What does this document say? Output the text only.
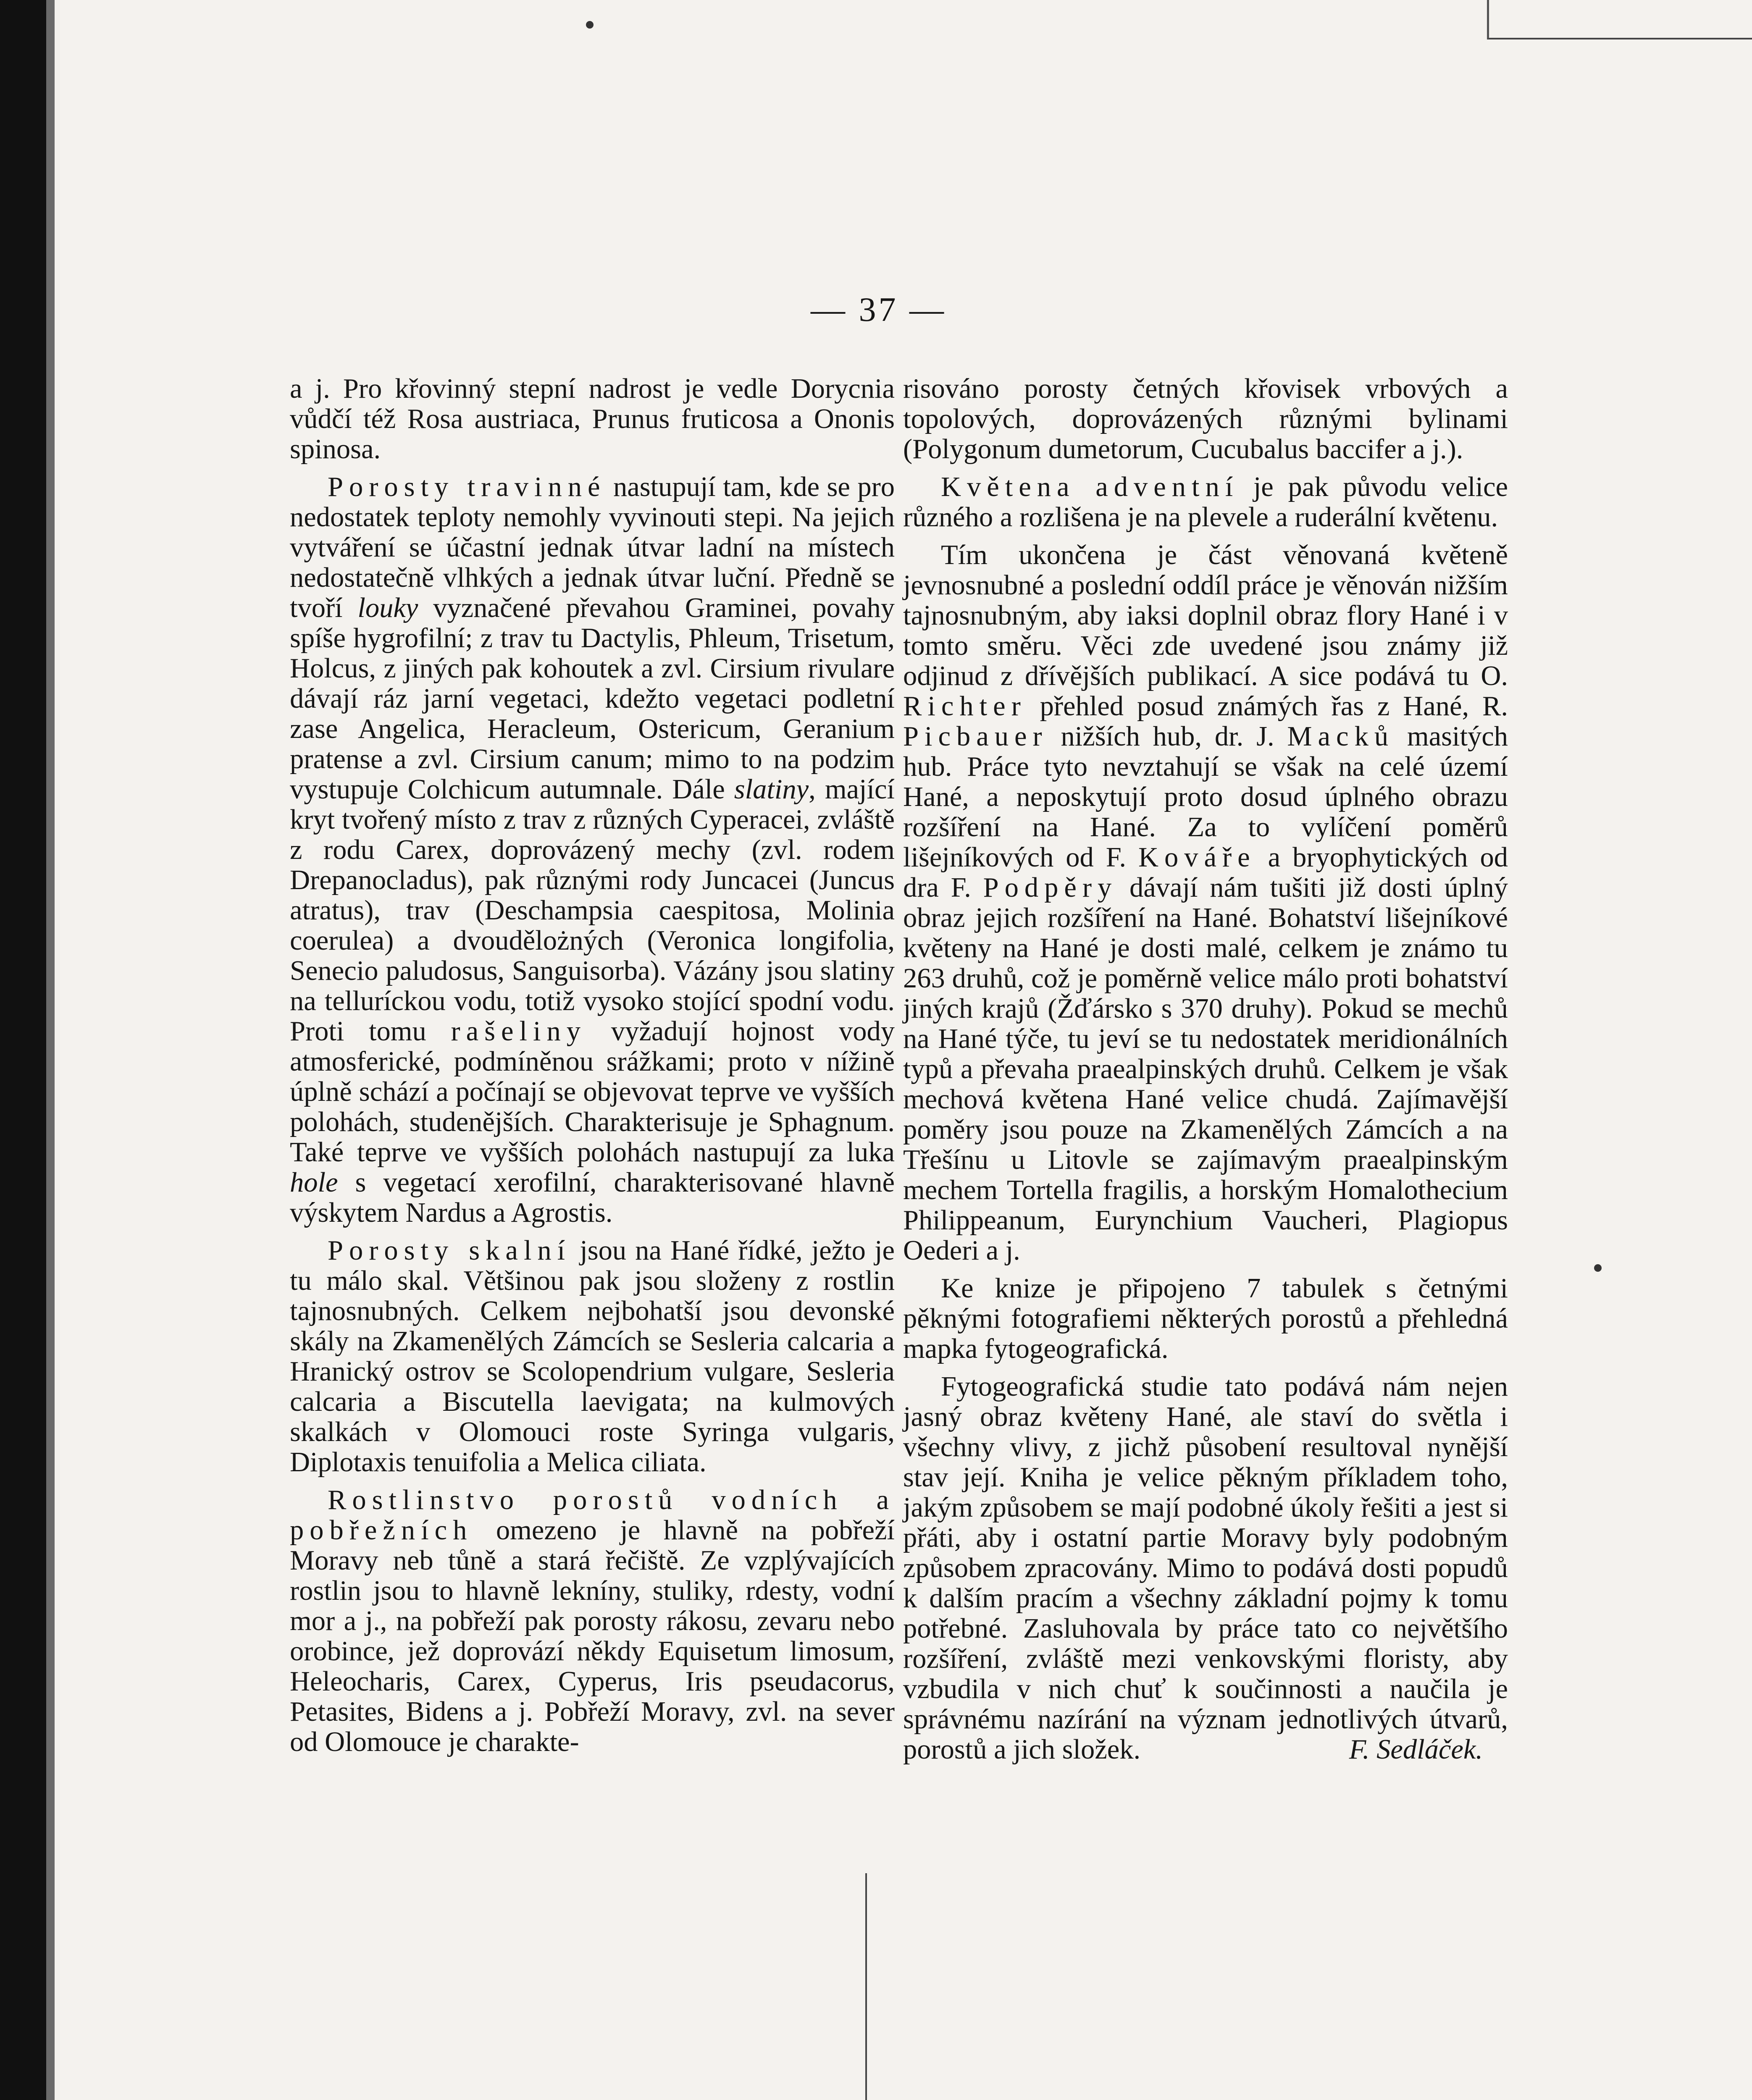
— 37 —

a j. Pro křovinný stepní nadrost je vedle Dorycnia vůdčí též Rosa austriaca, Prunus fruticosa a Ononis spinosa.

Porosty travinné nastupují tam, kde se pro nedostatek teploty nemohly vyvinouti stepi. Na jejich vytváření se účastní jednak útvar ladní na místech nedostatečně vlhkých a jednak útvar luční. Předně se tvoří louky vyznačené převahou Graminei, povahy spíše hygrofilní; z trav tu Dactylis, Phleum, Trisetum, Holcus, z jiných pak kohoutek a zvl. Cirsium rivulare dávají ráz jarní vegetaci, kdežto vegetaci podletní zase Angelica, Heracleum, Ostericum, Geranium pratense a zvl. Cirsium canum; mimo to na podzim vystupuje Colchicum autumnale. Dále slatiny, mající kryt tvořený místo z trav z různých Cyperacei, zvláště z rodu Carex, doprovázený mechy (zvl. rodem Drepanocladus), pak různými rody Juncacei (Juncus atratus), trav (Deschampsia caespitosa, Molinia coerulea) a dvoudělożných (Veronica longifolia, Senecio paludosus, Sanguisorba). Vázány jsou slatiny na telluríckou vodu, totiž vysoko stojící spodní vodu. Proti tomu rašeliny vyžadují hojnost vody atmosferické, podmíněnou srážkami; proto v nížině úplně schází a počínají se objevovat teprve ve vyšších polohách, studenějších. Charakterisuje je Sphagnum. Také teprve ve vyšších polohách nastupují za luka hole s vegetací xerofilní, charakterisované hlavně výskytem Nardus a Agrostis.

Porosty skalní jsou na Hané řídké, ježto je tu málo skal. Většinou pak jsou složeny z rostlin tajnosnubných. Celkem nejbohatší jsou devonské skály na Zkamenělých Zámcích se Sesleria calcaria a Hranický ostrov se Scolopendrium vulgare, Sesleria calcaria a Biscutella laevigata; na kulmových skalkách v Olomouci roste Syringa vulgaris, Diplotaxis tenuifolia a Melica ciliata.

Rostlinstvo porostů vodních a pobřežních omezeno je hlavně na pobřeží Moravy neb tůně a stará řečiště. Ze vzplývajících rostlin jsou to hlavně lekníny, stuliky, rdesty, vodní mor a j., na pobřeží pak porosty rákosu, zevaru nebo orobince, jež doprovází někdy Equisetum limosum, Heleocharis, Carex, Cyperus, Iris pseudacorus, Petasites, Bidens a j. Pobřeží Moravy, zvl. na sever od Olomouce je charakte-

risováno porosty četných křovisek vrbových a topolových, doprovázených různými bylinami (Polygonum dumetorum, Cucubalus baccifer a j.).

Květena adventní je pak původu velice různého a rozlišena je na plevele a ruderální květenu.

Tím ukončena je část věnovaná květeně jevnosnubné a poslední oddíl práce je věnován nižším tajnosnubným, aby iaksi doplnil obraz flory Hané i v tomto směru. Věci zde uvedené jsou známy již odjinud z dřívějších publikací. A sice podává tu O. Richter přehled posud známých řas z Hané, R. Picbauer nižších hub, dr. J. Macků masitých hub. Práce tyto nevztahují se však na celé území Hané, a neposkytují proto dosud úplného obrazu rozšíření na Hané. Za to vylíčení poměrů lišejníkových od F. Kováře a bryophytických od dra F. Podpěry dávají nám tušiti již dosti úplný obraz jejich rozšíření na Hané. Bohatství lišejníkové květeny na Hané je dosti malé, celkem je známo tu 263 druhů, což je poměrně velice málo proti bohatství jiných krajů (Žďársko s 370 druhy). Pokud se mechů na Hané týče, tu jeví se tu nedostatek meridionálních typů a převaha praealpinských druhů. Celkem je však mechová květena Hané velice chudá. Zajímavější poměry jsou pouze na Zkamenělých Zámcích a na Třešínu u Litovle se zajímavým praealpinským mechem Tortella fragilis, a horským Homalothecium Philippeanum, Eurynchium Vaucheri, Plagiopus Oederi a j.

Ke knize je připojeno 7 tabulek s četnými pěknými fotografiemi některých porostů a přehledná mapka fytogeografická.

Fytogeografická studie tato podává nám nejen jasný obraz květeny Hané, ale staví do světla i všechny vlivy, z jichž působení resultoval nynější stav její. Kniha je velice pěkným příkladem toho, jakým způsobem se mají podobné úkoly řešiti a jest si přáti, aby i ostatní partie Moravy byly podobným způsobem zpracovány. Mimo to podává dosti popudů k dalším pracím a všechny základní pojmy k tomu potřebné. Zasluhovala by práce tato co největšího rozšíření, zvláště mezi venkovskými floristy, aby vzbudila v nich chuť k součinnosti a naučila je správnému nazírání na význam jednotlivých útvarů, porostů a jich složek.	F. Sedláček.
